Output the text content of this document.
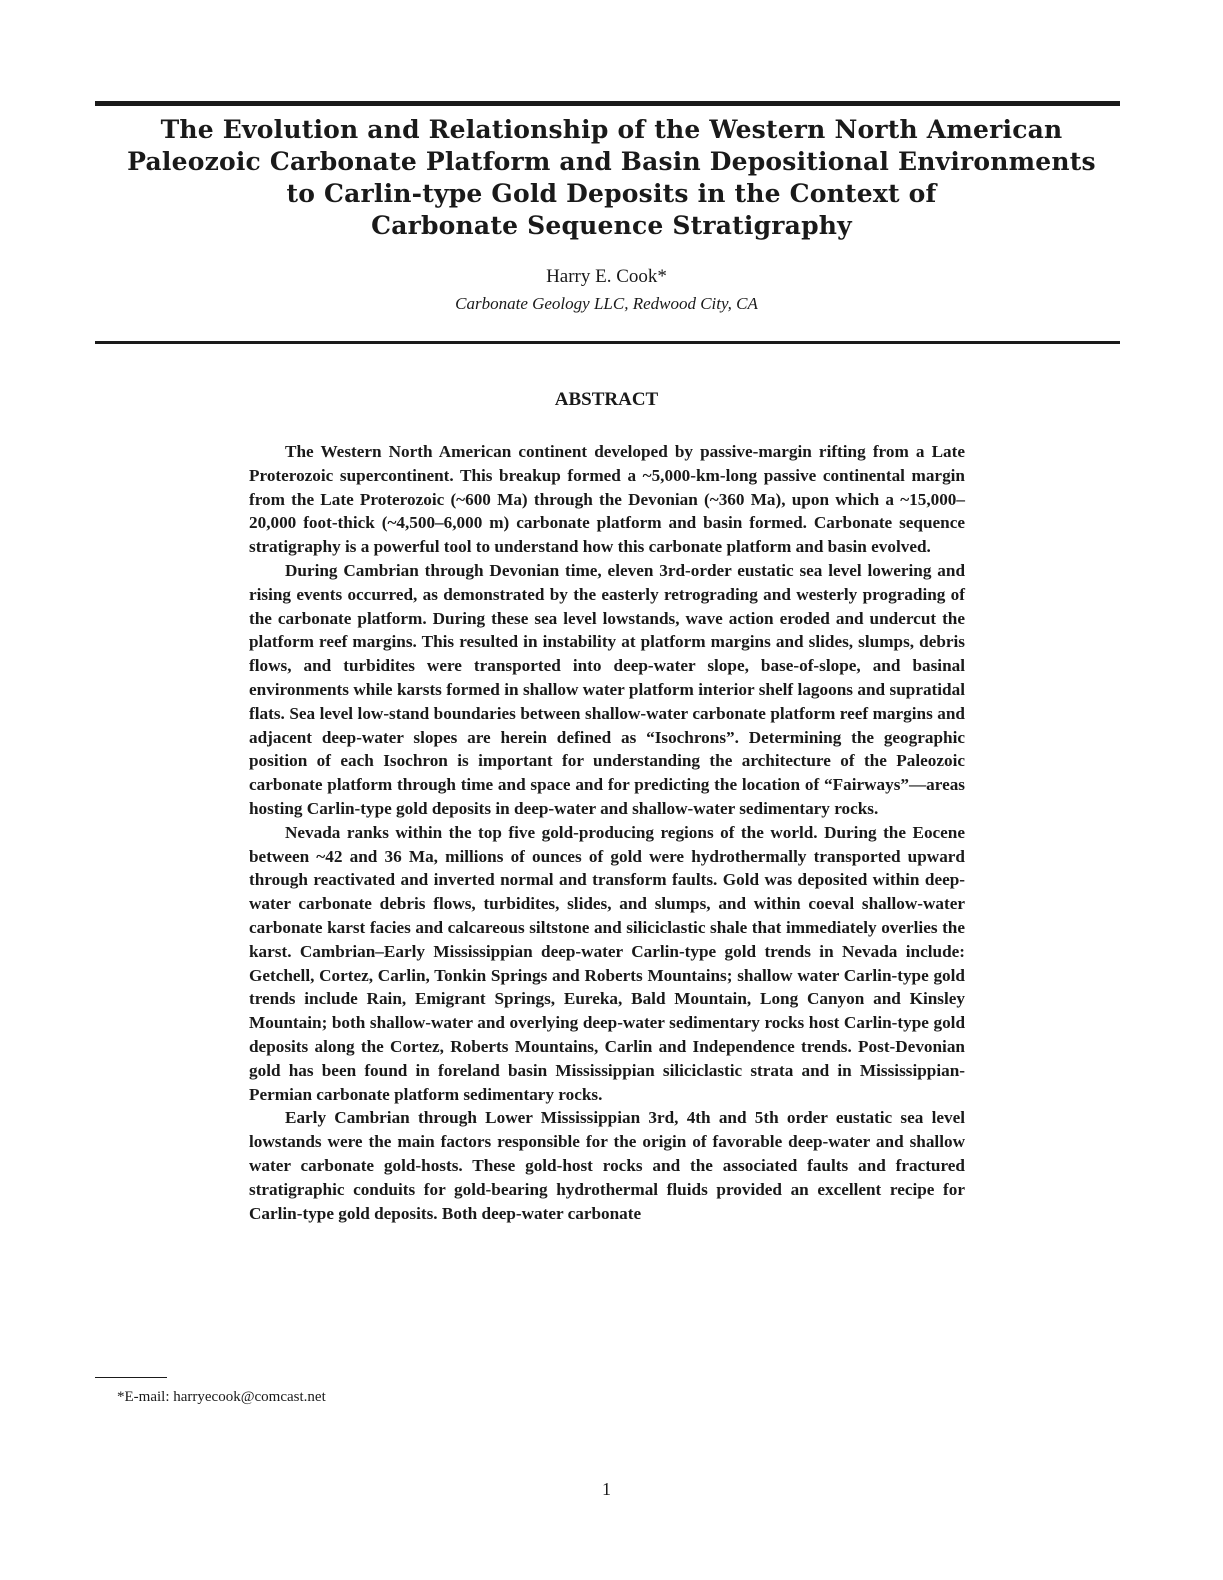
The Evolution and Relationship of the Western North American
Paleozoic Carbonate Platform and Basin Depositional Environments
to Carlin-type Gold Deposits in the Context of
Carbonate Sequence Stratigraphy
Harry E. Cook*
Carbonate Geology LLC, Redwood City, CA
ABSTRACT

The Western North American continent developed by passive-margin rifting from a Late Proterozoic supercontinent. This breakup formed a ~5,000-km-long passive continental margin from the Late Proterozoic (~600 Ma) through the Devonian (~360 Ma), upon which a ~15,000–20,000 foot-thick (~4,500–6,000 m) carbonate platform and basin formed. Carbonate sequence stratigraphy is a powerful tool to understand how this carbonate platform and basin evolved.

During Cambrian through Devonian time, eleven 3rd-order eustatic sea level lowering and rising events occurred, as demonstrated by the easterly retrograding and westerly prograding of the carbonate platform. During these sea level lowstands, wave action eroded and undercut the platform reef margins. This resulted in instability at platform margins and slides, slumps, debris flows, and turbidites were transported into deep-water slope, base-of-slope, and basinal environments while karsts formed in shallow water platform interior shelf lagoons and supratidal flats. Sea level low-stand boundaries between shallow-water carbonate platform reef margins and adjacent deep-water slopes are herein defined as “Isochrons”. Determining the geographic position of each Isochron is important for understanding the architecture of the Paleozoic carbonate platform through time and space and for predicting the location of “Fairways”—areas hosting Carlin-type gold deposits in deep-water and shallow-water sedimentary rocks.

Nevada ranks within the top five gold-producing regions of the world. During the Eocene between ~42 and 36 Ma, millions of ounces of gold were hydrothermally transported upward through reactivated and inverted normal and transform faults. Gold was deposited within deep-water carbonate debris flows, turbidites, slides, and slumps, and within coeval shallow-water carbonate karst facies and calcareous siltstone and siliciclastic shale that immediately overlies the karst. Cambrian–Early Mississippian deep-water Carlin-type gold trends in Nevada include: Getchell, Cortez, Carlin, Tonkin Springs and Roberts Mountains; shallow water Carlin-type gold trends include Rain, Emigrant Springs, Eureka, Bald Mountain, Long Canyon and Kinsley Mountain; both shallow-water and overlying deep-water sedimentary rocks host Carlin-type gold deposits along the Cortez, Roberts Mountains, Carlin and Independence trends. Post-Devonian gold has been found in foreland basin Mississippian siliciclastic strata and in Mississippian-Permian carbonate platform sedimentary rocks.

Early Cambrian through Lower Mississippian 3rd, 4th and 5th order eustatic sea level lowstands were the main factors responsible for the origin of favorable deep-water and shallow water carbonate gold-hosts. These gold-host rocks and the associated faults and fractured stratigraphic conduits for gold-bearing hydrothermal fluids provided an excellent recipe for Carlin-type gold deposits. Both deep-water carbonate

*E-mail: harryecook@comcast.net
1
